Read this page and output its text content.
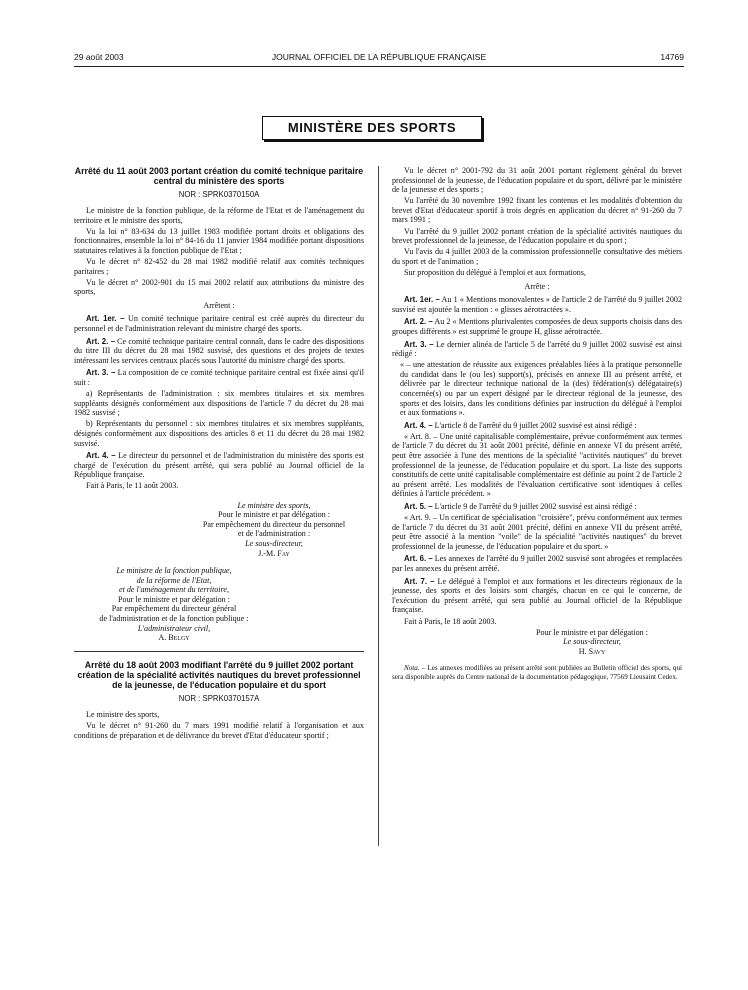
29 août 2003	JOURNAL OFFICIEL DE LA RÉPUBLIQUE FRANÇAISE	14769
MINISTÈRE DES SPORTS

Arrêté du 11 août 2003 portant création du comité technique paritaire central du ministère des sports

NOR : SPRK0370150A

Le ministre de la fonction publique, de la réforme de l'Etat et de l'aménagement du territoire et le ministre des sports,

Vu la loi n° 83-634 du 13 juillet 1983 modifiée portant droits et obligations des fonctionnaires, ensemble la loi n° 84-16 du 11 janvier 1984 modifiée portant dispositions statutaires relatives à la fonction publique de l'Etat ;

Vu le décret n° 82-452 du 28 mai 1982 modifié relatif aux comités techniques paritaires ;

Vu le décret n° 2002-901 du 15 mai 2002 relatif aux attributions du ministre des sports,

Arrêtent :

Art. 1er. – Un comité technique paritaire central est créé auprès du directeur du personnel et de l'administration relevant du ministre chargé des sports.

Art. 2. – Ce comité technique paritaire central connaît, dans le cadre des dispositions du titre III du décret du 28 mai 1982 susvisé, des questions et des projets de textes intéressant les services centraux placés sous l'autorité du ministre chargé des sports.

Art. 3. – La composition de ce comité technique paritaire central est fixée ainsi qu'il suit :

a) Représentants de l'administration : six membres titulaires et six membres suppléants désignés conformément aux dispositions de l'article 7 du décret du 28 mai 1982 susvisé ;

b) Représentants du personnel : six membres titulaires et six membres suppléants, désignés conformément aux dispositions des articles 8 et 11 du décret du 28 mai 1982 susvisé.

Art. 4. – Le directeur du personnel et de l'administration du ministère des sports est chargé de l'exécution du présent arrêté, qui sera publié au Journal officiel de la République française.

Fait à Paris, le 11 août 2003.

Le ministre des sports,

Pour le ministre et par délégation :

Par empêchement du directeur du personnel

et de l'administration :

Le sous-directeur,

J.-M. Fay

Le ministre de la fonction publique,

de la réforme de l'Etat,

et de l'aménagement du territoire,

Pour le ministre et par délégation :

Par empêchement du directeur général

de l'administration et de la fonction publique :

L'administrateur civil,

A. Belgy

Arrêté du 18 août 2003 modifiant l'arrêté du 9 juillet 2002 portant création de la spécialité activités nautiques du brevet professionnel de la jeunesse, de l'éducation populaire et du sport

NOR : SPRK0370157A

Le ministre des sports,

Vu le décret n° 91-260 du 7 mars 1991 modifié relatif à l'organisation et aux conditions de préparation et de délivrance du brevet d'Etat d'éducateur sportif ;

Vu le décret n° 2001-792 du 31 août 2001 portant règlement général du brevet professionnel de la jeunesse, de l'éducation populaire et du sport, délivré par le ministère de la jeunesse et des sports ;

Vu l'arrêté du 30 novembre 1992 fixant les contenus et les modalités d'obtention du brevet d'Etat d'éducateur sportif à trois degrés en application du décret n° 91-260 du 7 mars 1991 ;

Vu l'arrêté du 9 juillet 2002 portant création de la spécialité activités nautiques du brevet professionnel de la jeunesse, de l'éducation populaire et du sport ;

Vu l'avis du 4 juillet 2003 de la commission professionnelle consultative des métiers du sport et de l'animation ;

Sur proposition du délégué à l'emploi et aux formations,

Arrête :

Art. 1er. – Au 1 « Mentions monovalentes » de l'article 2 de l'arrêté du 9 juillet 2002 susvisé est ajoutée la mention : « glisses aérotractées ».

Art. 2. – Au 2 « Mentions plurivalentes composées de deux supports choisis dans des groupes différents » est supprimé le groupe H, glisse aérotractée.

Art. 3. – Le dernier alinéa de l'article 5 de l'arrêté du 9 juillet 2002 susvisé est ainsi rédigé :

« – une attestation de réussite aux exigences préalables liées à la pratique personnelle du candidat dans le (ou les) support(s), précisés en annexe III au présent arrêté, et délivrée par le directeur technique national de la (des) fédération(s) délégataire(s) concernée(s) ou par un expert désigné par le directeur régional de la jeunesse, des sports et des loisirs, dans les conditions définies par instruction du délégué à l'emploi et aux formations ».

Art. 4. – L'article 8 de l'arrêté du 9 juillet 2002 susvisé est ainsi rédigé :

« Art. 8. – Une unité capitalisable complémentaire, prévue conformément aux termes de l'article 7 du décret du 31 août 2001 précité, définie en annexe VI du présent arrêté, peut être associée à l'une des mentions de la spécialité "activités nautiques" du brevet professionnel de la jeunesse, de l'éducation populaire et du sport. La liste des supports constitutifs de cette unité capitalisable complémentaire est définie au point 2 de l'article 2 au présent arrêté. Les modalités de l'évaluation certificative sont identiques à celles définies à l'article précédent. »

Art. 5. – L'article 9 de l'arrêté du 9 juillet 2002 susvisé est ainsi rédigé :

« Art. 9. – Un certificat de spécialisation "croisière", prévu conformément aux termes de l'article 7 du décret du 31 août 2001 précité, défini en annexe VII du présent arrêté, peut être associé à la mention "voile" de la spécialité "activités nautiques" du brevet professionnel de la jeunesse, de l'éducation populaire et du sport. »

Art. 6. – Les annexes de l'arrêté du 9 juillet 2002 susvisé sont abrogées et remplacées par les annexes du présent arrêté.

Art. 7. – Le délégué à l'emploi et aux formations et les directeurs régionaux de la jeunesse, des sports et des loisirs sont chargés, chacun en ce qui le concerne, de l'exécution du présent arrêté, qui sera publié au Journal officiel de la République française.

Fait à Paris, le 18 août 2003.

Pour le ministre et par délégation :

Le sous-directeur,

H. Savy

Nota. – Les annexes modifiées au présent arrêté sont publiées au Bulletin officiel des sports, qui sera disponible auprès du Centre national de la documentation pédagogique, 77569 Lieusaint Cedex.
